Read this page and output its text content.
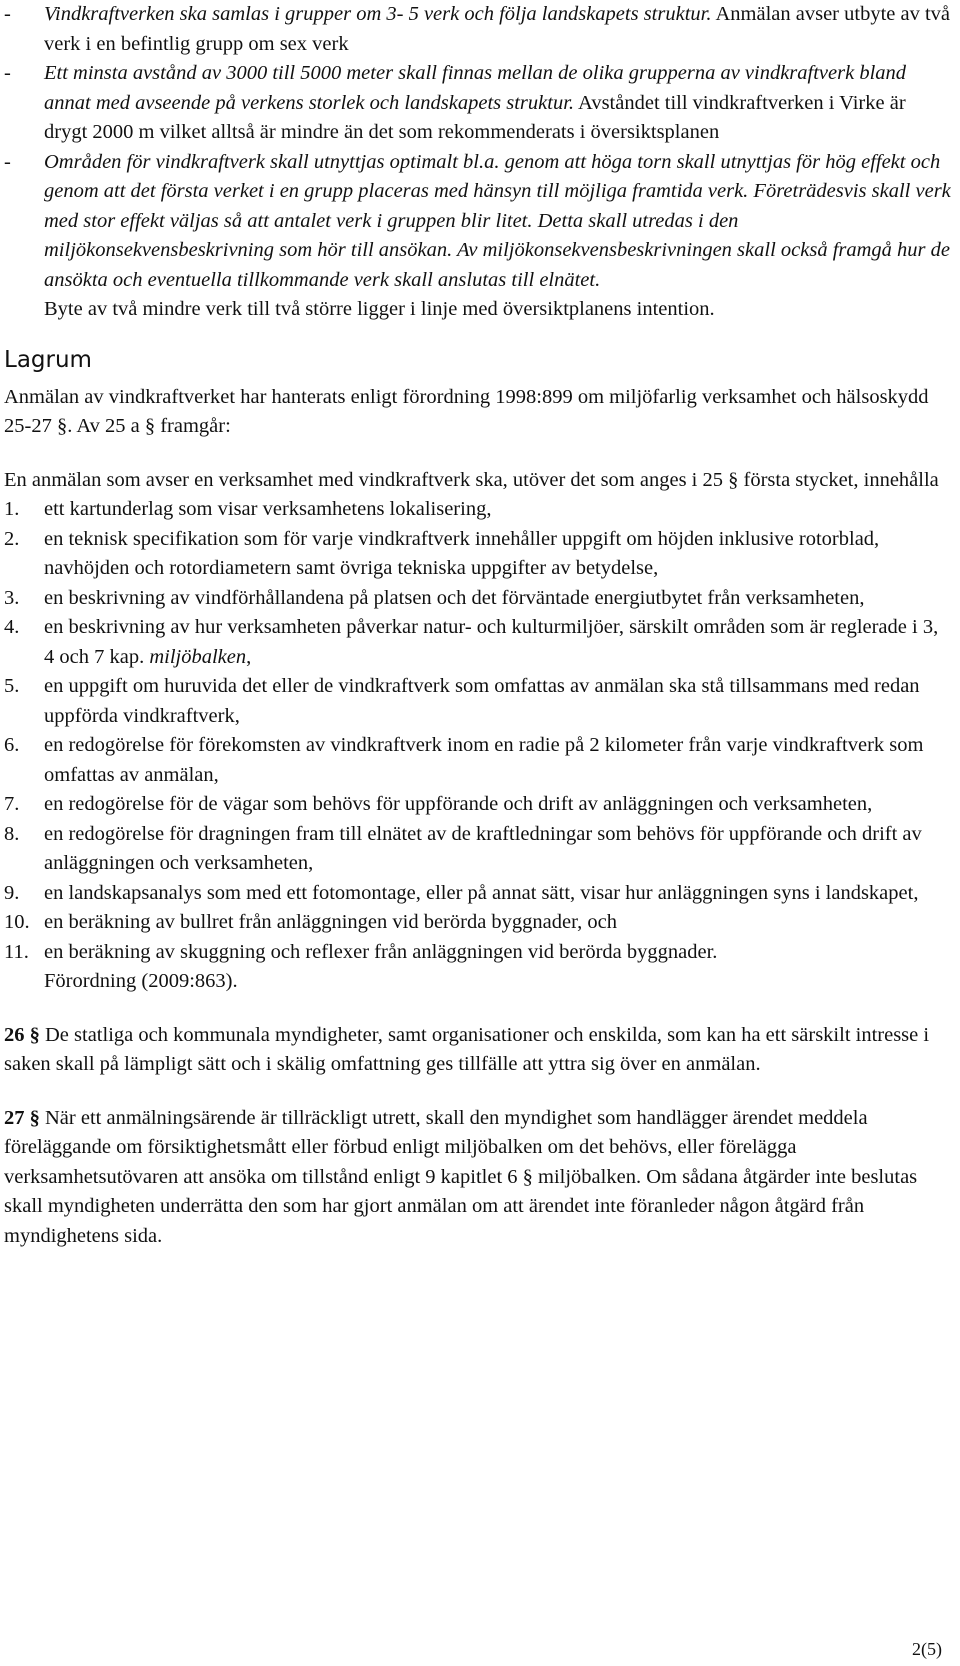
- Vindkraftverken ska samlas i grupper om 3- 5 verk och följa landskapets struktur. Anmälan avser utbyte av två verk i en befintlig grupp om sex verk
- Ett minsta avstånd av 3000 till 5000 meter skall finnas mellan de olika grupperna av vindkraftverk bland annat med avseende på verkens storlek och landskapets struktur. Avståndet till vindkraftverken i Virke är drygt 2000 m vilket alltså är mindre än det som rekommenderats i översiktsplanen
- Områden för vindkraftverk skall utnyttjas optimalt bl.a. genom att höga torn skall utnyttjas för hög effekt och genom att det första verket i en grupp placeras med hänsyn till möjliga framtida verk. Företrädesvis skall verk med stor effekt väljas så att antalet verk i gruppen blir litet. Detta skall utredas i den miljökonsekvensbeskrivning som hör till ansökan. Av miljökonsekvensbeskrivningen skall också framgå hur de ansökta och eventuella tillkommande verk skall anslutas till elnätet.
Byte av två mindre verk till två större ligger i linje med översiktplanens intention.
Lagrum
Anmälan av vindkraftverket har hanterats enligt förordning 1998:899 om miljöfarlig verksamhet och hälsoskydd 25-27 §. Av 25 a § framgår:
En anmälan som avser en verksamhet med vindkraftverk ska, utöver det som anges i 25 § första stycket, innehålla
1. ett kartunderlag som visar verksamhetens lokalisering,
2. en teknisk specifikation som för varje vindkraftverk innehåller uppgift om höjden inklusive rotorblad, navhöjden och rotordiametern samt övriga tekniska uppgifter av betydelse,
3. en beskrivning av vindförhållandena på platsen och det förväntade energiutbytet från verksamheten,
4. en beskrivning av hur verksamheten påverkar natur- och kulturmiljöer, särskilt områden som är reglerade i 3, 4 och 7 kap. miljöbalken,
5. en uppgift om huruvida det eller de vindkraftverk som omfattas av anmälan ska stå tillsammans med redan uppförda vindkraftverk,
6. en redogörelse för förekomsten av vindkraftverk inom en radie på 2 kilometer från varje vindkraftverk som omfattas av anmälan,
7. en redogörelse för de vägar som behövs för uppförande och drift av anläggningen och verksamheten,
8. en redogörelse för dragningen fram till elnätet av de kraftledningar som behövs för uppförande och drift av anläggningen och verksamheten,
9. en landskapsanalys som med ett fotomontage, eller på annat sätt, visar hur anläggningen syns i landskapet,
10. en beräkning av bullret från anläggningen vid berörda byggnader, och
11. en beräkning av skuggning och reflexer från anläggningen vid berörda byggnader.
Förordning (2009:863).
26 § De statliga och kommunala myndigheter, samt organisationer och enskilda, som kan ha ett särskilt intresse i saken skall på lämpligt sätt och i skälig omfattning ges tillfälle att yttra sig över en anmälan.
27 § När ett anmälningsärende är tillräckligt utrett, skall den myndighet som handlägger ärendet meddela föreläggande om försiktighetsmått eller förbud enligt miljöbalken om det behövs, eller förelägga verksamhetsutövaren att ansöka om tillstånd enligt 9 kapitlet 6 § miljöbalken. Om sådana åtgärder inte beslutas skall myndigheten underrätta den som har gjort anmälan om att ärendet inte föranleder någon åtgärd från myndighetens sida.
2(5)
